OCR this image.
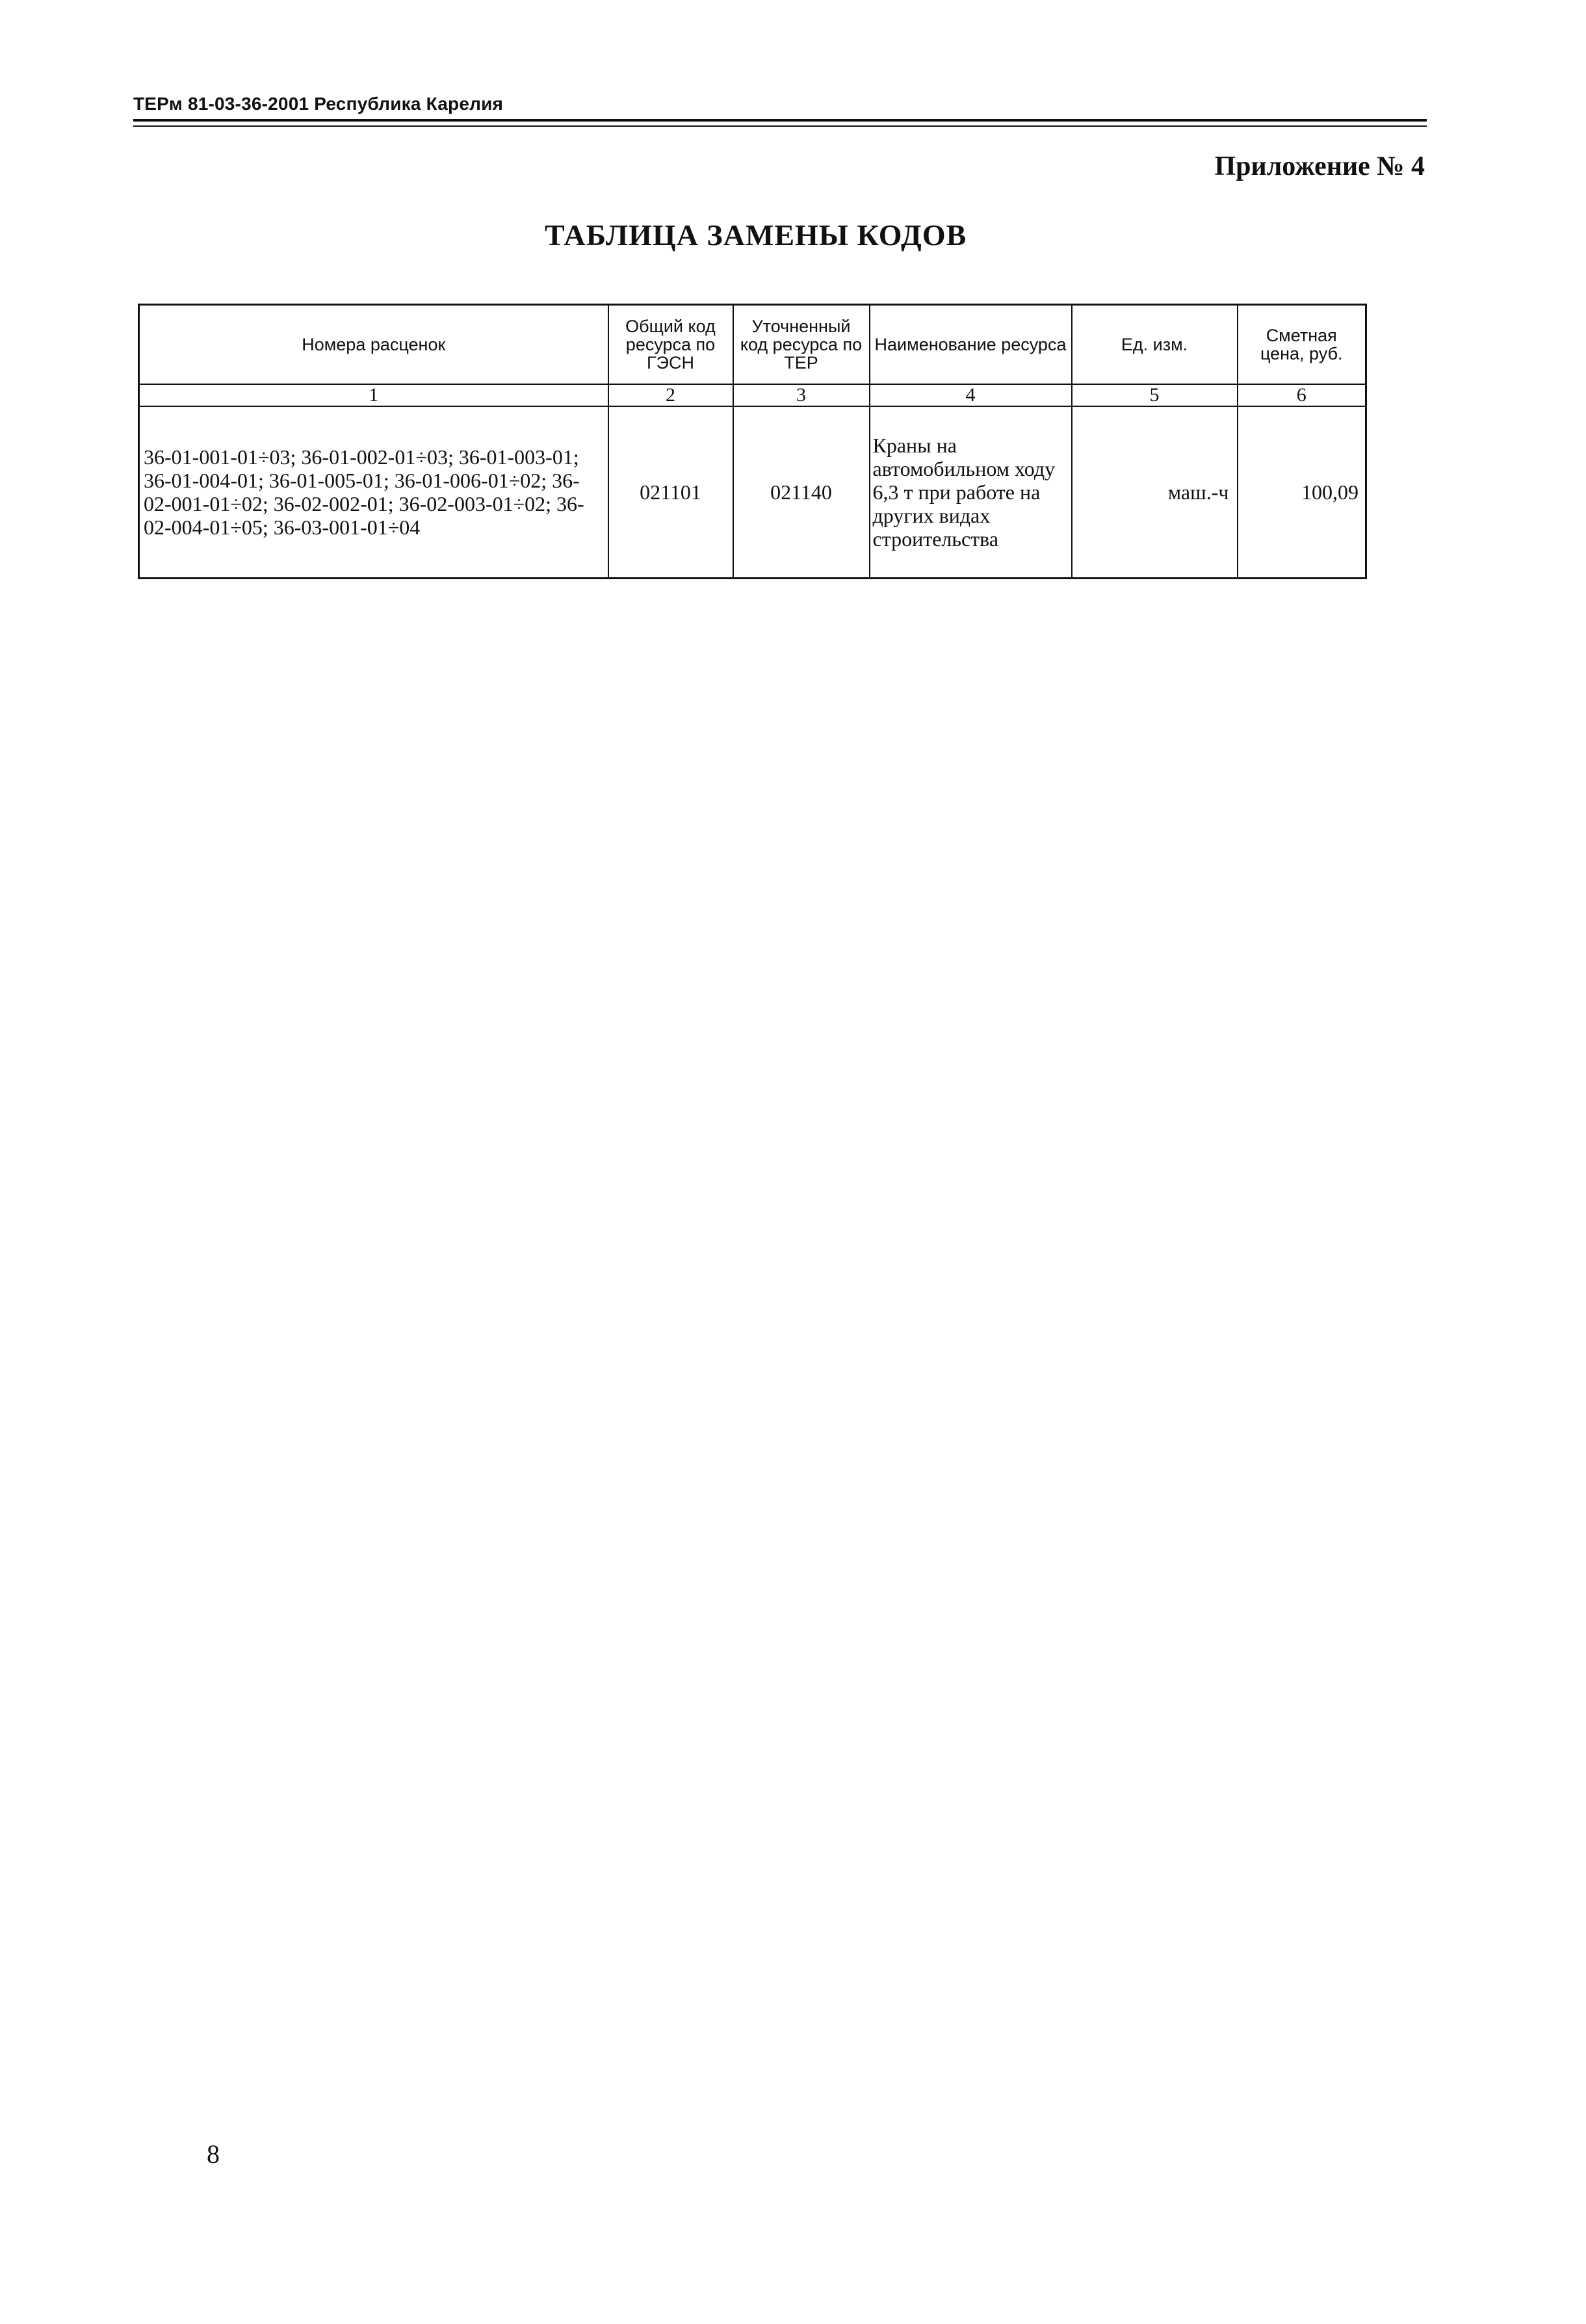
ТЕРм 81-03-36-2001 Республика Карелия
Приложение № 4
ТАБЛИЦА ЗАМЕНЫ КОДОВ
Номера расценок	Общий код ресурса по ГЭСН	Уточненный код ресурса по ТЕР	Наименование ресурса	Ед. изм.	Сметная цена, руб.

1	2	3	4	5	6
36-01-001-01÷03; 36-01-002-01÷03; 36-01-003-01; 36-01-004-01; 36-01-005-01; 36-01-006-01÷02; 36-02-001-01÷02; 36-02-002-01; 36-02-003-01÷02; 36-02-004-01÷05; 36-03-001-01÷04	021101	021140	Краны на автомобильном ходу 6,3 т при работе на других видах строительства	маш.-ч	100,09
8
